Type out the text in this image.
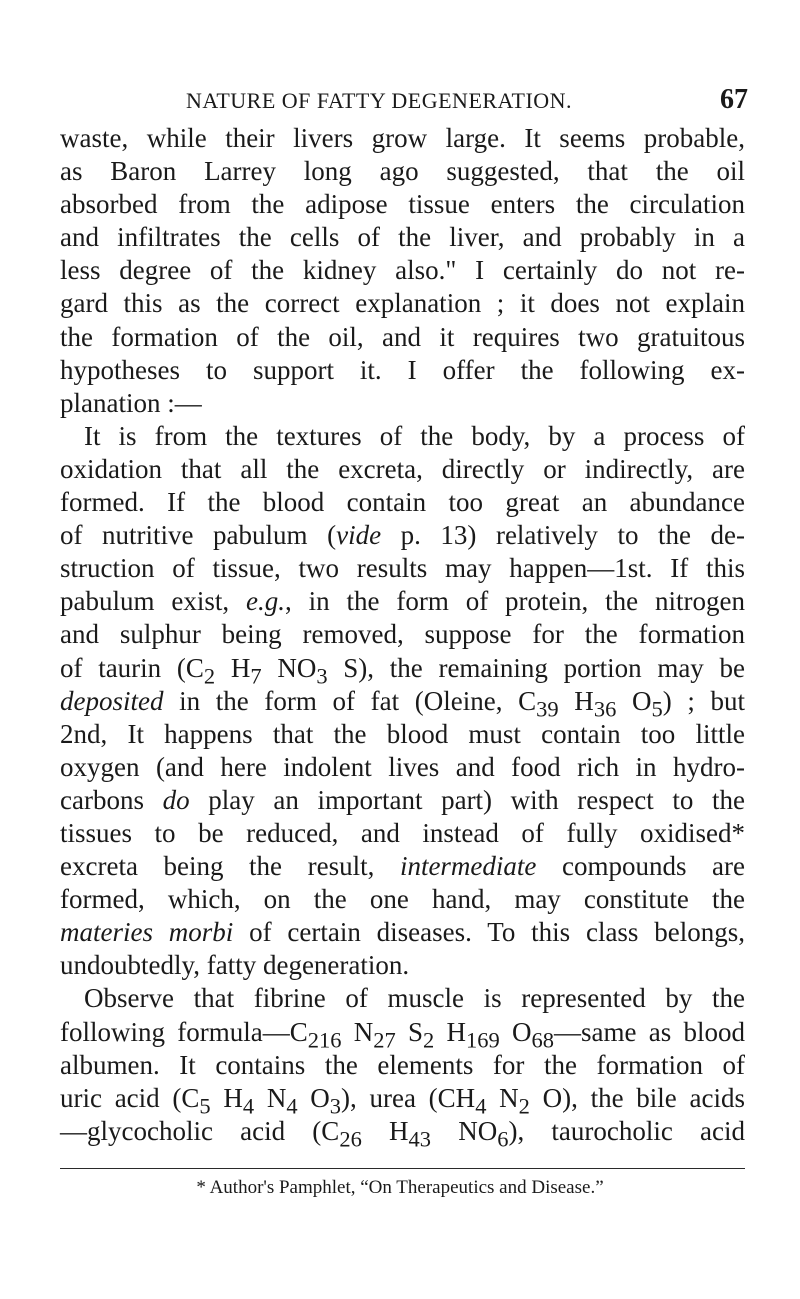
NATURE OF FATTY DEGENERATION.	67
waste, while their livers grow large. It seems probable,
as Baron Larrey long ago suggested, that the oil
absorbed from the adipose tissue enters the circulation
and infiltrates the cells of the liver, and probably in a
less degree of the kidney also." I certainly do not re-
gard this as the correct explanation ; it does not explain
the formation of the oil, and it requires two gratuitous
hypotheses to support it. I offer the following ex-
planation :—
It is from the textures of the body, by a process of
oxidation that all the excreta, directly or indirectly, are
formed. If the blood contain too great an abundance
of nutritive pabulum (vide p. 13) relatively to the de-
struction of tissue, two results may happen—1st. If this
pabulum exist, e.g., in the form of protein, the nitrogen
and sulphur being removed, suppose for the formation
of taurin ($C_2$ $H_7$ $NO_3$ S), the remaining portion may be
deposited in the form of fat (Oleine, $C_{39}$ $H_{36}$ $O_5$) ; but
2nd, It happens that the blood must contain too little
oxygen (and here indolent lives and food rich in hydro-
carbons do play an important part) with respect to the
tissues to be reduced, and instead of fully oxidised*
excreta being the result, intermediate compounds are
formed, which, on the one hand, may constitute the
materies morbi of certain diseases. To this class belongs,
undoubtedly, fatty degeneration.
Observe that fibrine of muscle is represented by the
following $formula—C_{216}$ $N_{27}$ $S_2$ $H_{169}$ $O_{68}—same$ as blood
albumen. It contains the elements for the formation of
uric acid ($C_5$ $H_4$ $N_4$ $O_3$), urea ($CH_4$ $N_2$ O), the bile acids
—glycocholic acid ($C_{26}$ $H_{43}$ $NO_6$), taurocholic acid
* Author's Pamphlet, “On Therapeutics and Disease.”
